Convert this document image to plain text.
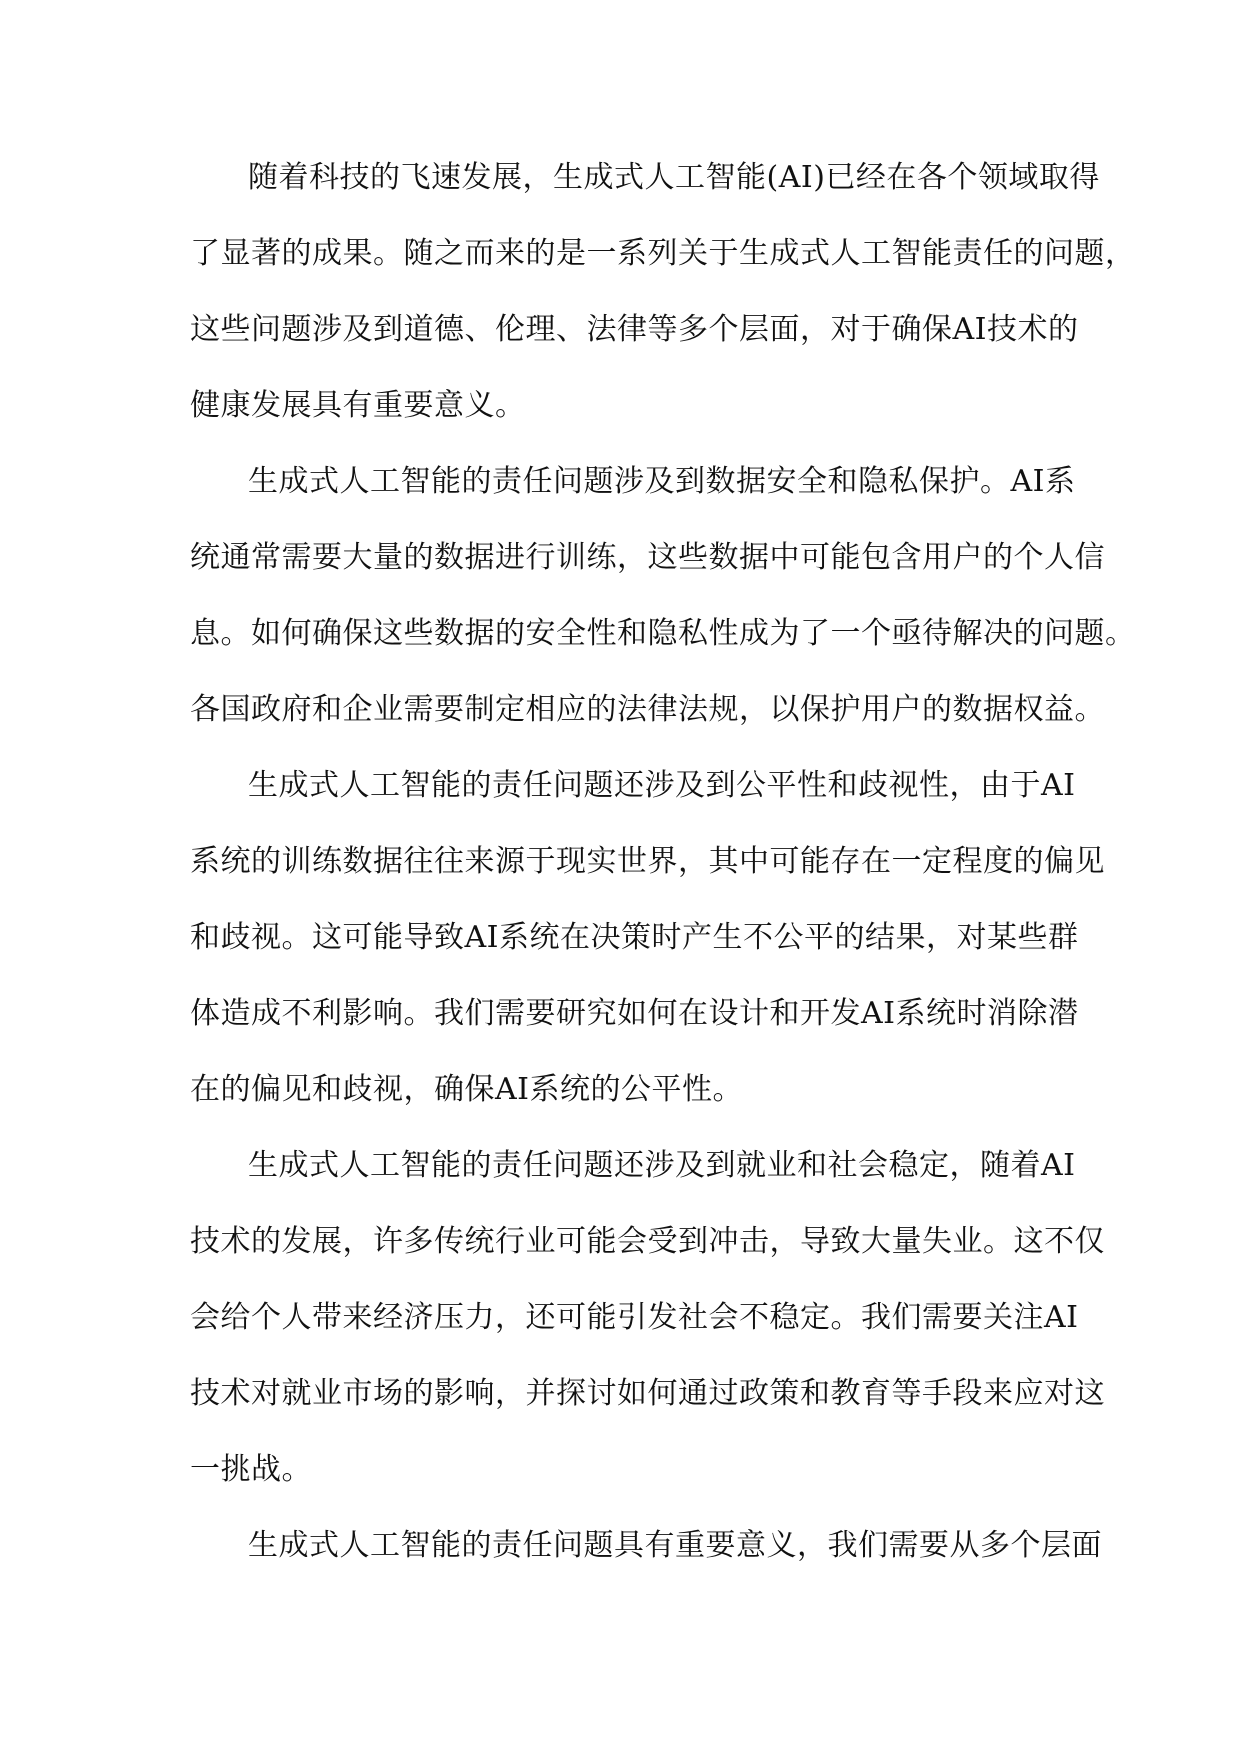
随着科技的飞速发展，生成式人工智能(AI)已经在各个领域取得
了显著的成果。随之而来的是一系列关于生成式人工智能责任的问题，
这些问题涉及到道德、伦理、法律等多个层面，对于确保AI技术的
健康发展具有重要意义。

生成式人工智能的责任问题涉及到数据安全和隐私保护。AI系
统通常需要大量的数据进行训练，这些数据中可能包含用户的个人信
息。如何确保这些数据的安全性和隐私性成为了一个亟待解决的问题。
各国政府和企业需要制定相应的法律法规，以保护用户的数据权益。

生成式人工智能的责任问题还涉及到公平性和歧视性，由于AI
系统的训练数据往往来源于现实世界，其中可能存在一定程度的偏见
和歧视。这可能导致AI系统在决策时产生不公平的结果，对某些群
体造成不利影响。我们需要研究如何在设计和开发AI系统时消除潜
在的偏见和歧视，确保AI系统的公平性。

生成式人工智能的责任问题还涉及到就业和社会稳定，随着AI
技术的发展，许多传统行业可能会受到冲击，导致大量失业。这不仅
会给个人带来经济压力，还可能引发社会不稳定。我们需要关注AI
技术对就业市场的影响，并探讨如何通过政策和教育等手段来应对这
一挑战。

生成式人工智能的责任问题具有重要意义，我们需要从多个层面
